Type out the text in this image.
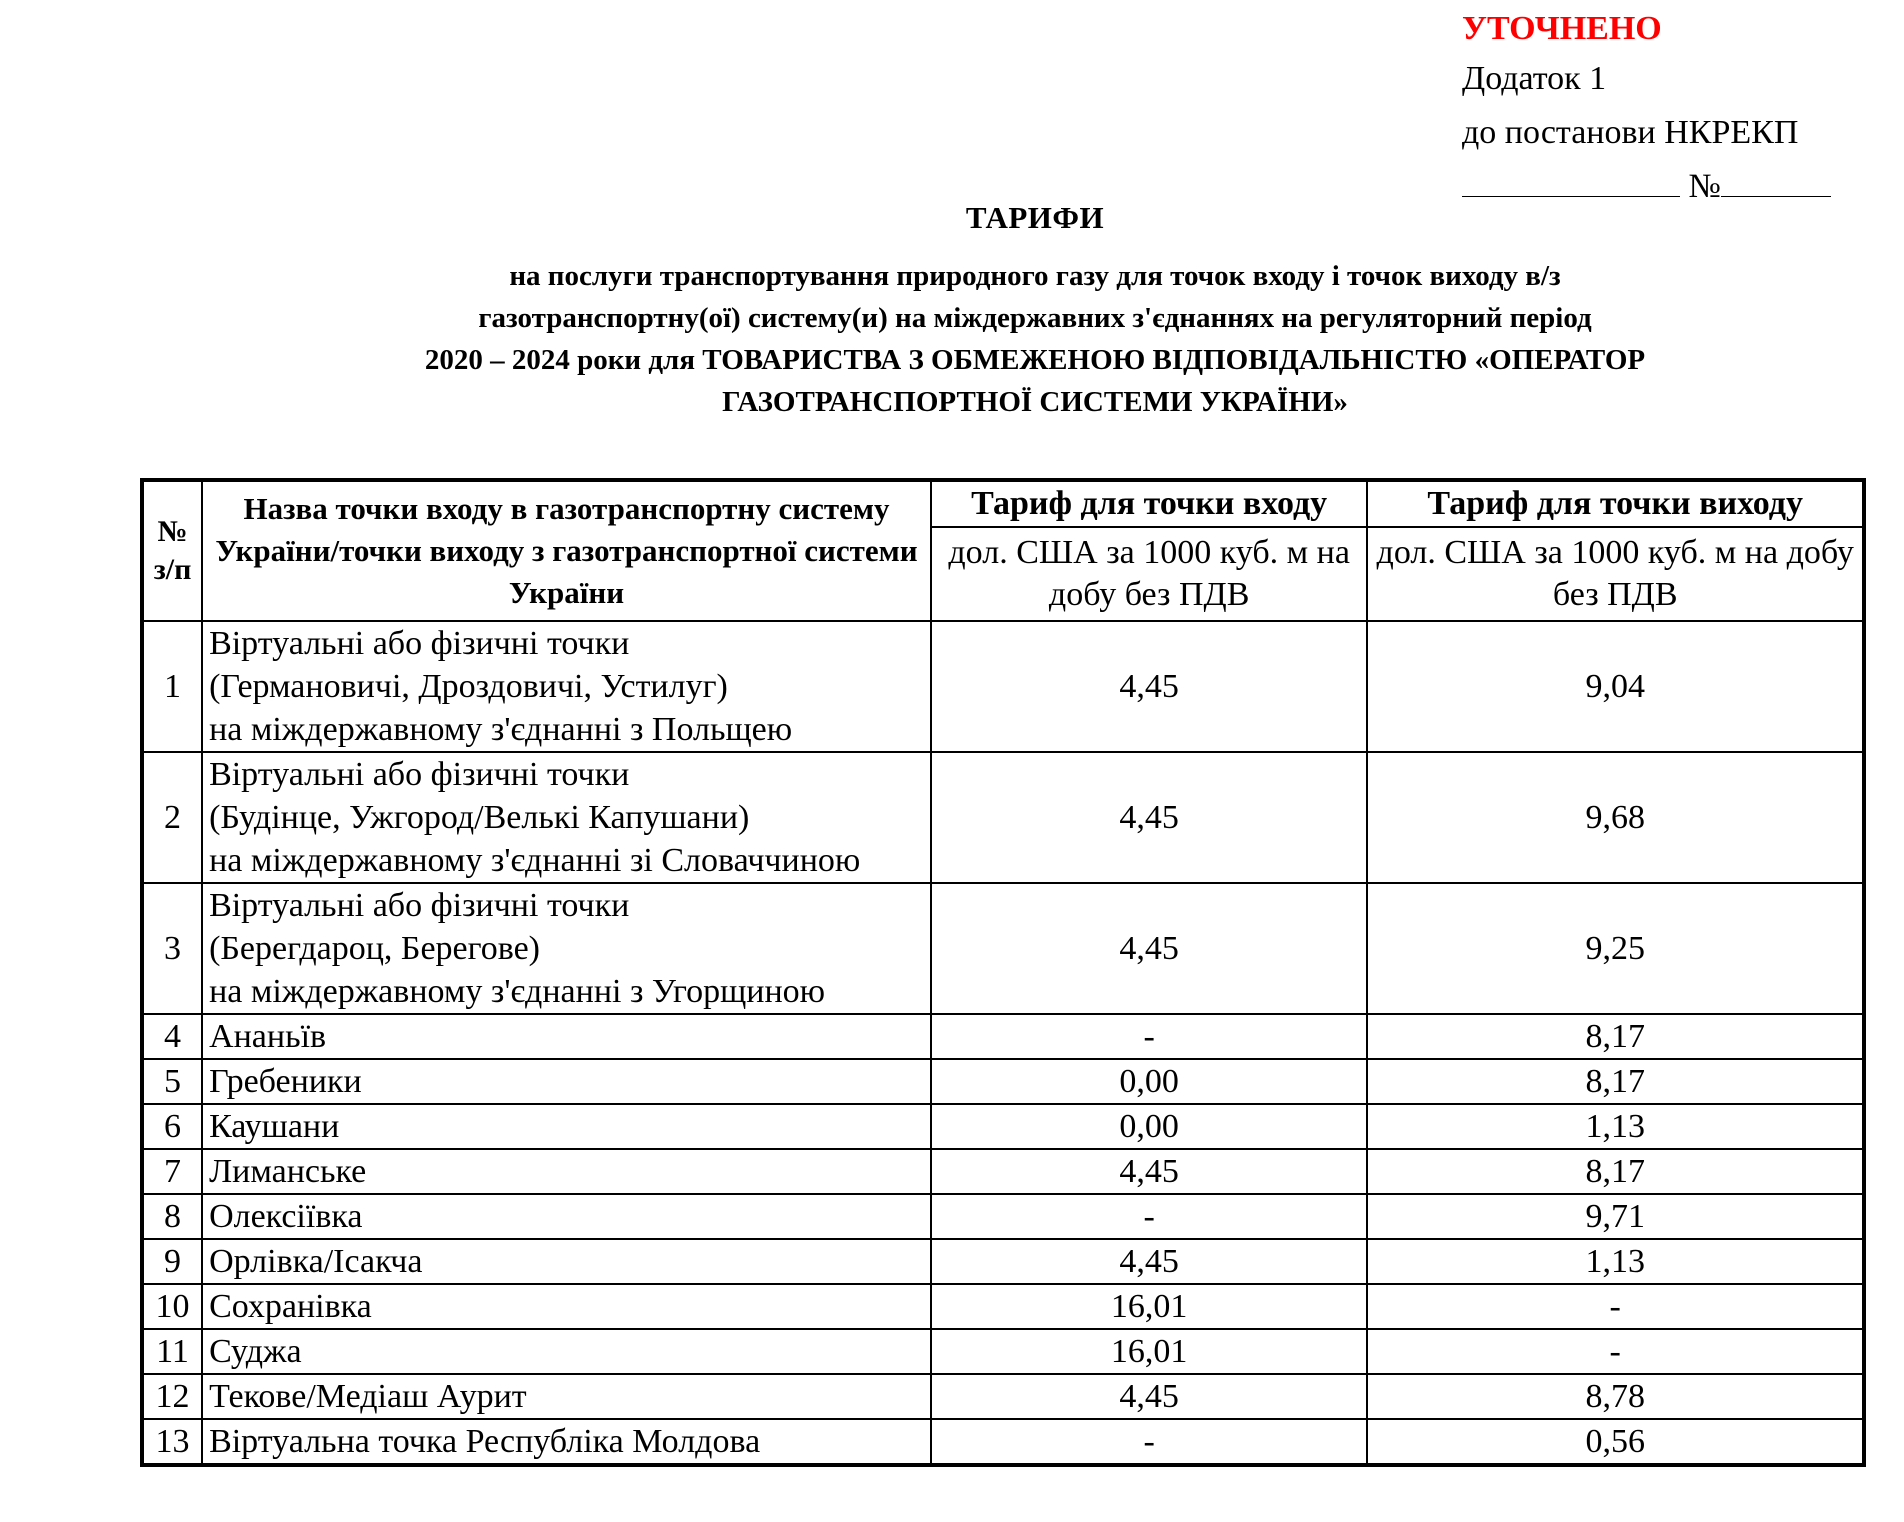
УТОЧНЕНО
Додаток 1
до постанови НКРЕКП
№
ТАРИФИ
на послуги транспортування природного газу для точок входу і точок виходу в/з
газотранспортну(ої) систему(и) на міждержавних з'єднаннях на регуляторний період
2020 – 2024 роки для ТОВАРИСТВА З ОБМЕЖЕНОЮ ВІДПОВІДАЛЬНІСТЮ «ОПЕРАТОР
ГАЗОТРАНСПОРТНОЇ СИСТЕМИ УКРАЇНИ»
№
з/п	Назва точки входу в газотранспортну систему України/точки виходу з газотранспортної системи України	Тариф для точки входу	Тариф для точки виходу
		дол. США за 1000 куб. м на добу без ПДВ	дол. США за 1000 куб. м на добу без ПДВ
1	Віртуальні або фізичні точки
(Германовичі, Дроздовичі, Устилуг)
на міждержавному з'єднанні з Польщею	4,45	9,04
2	Віртуальні або фізичні точки
(Будінце, Ужгород/Велькі Капушани)
на міждержавному з'єднанні зі Словаччиною	4,45	9,68
3	Віртуальні або фізичні точки
(Берегдароц, Берегове)
на міждержавному з'єднанні з Угорщиною	4,45	9,25
4	Ананьїв	-	8,17
5	Гребеники	0,00	8,17
6	Каушани	0,00	1,13
7	Лиманське	4,45	8,17
8	Олексіївка	-	9,71
9	Орлівка/Ісакча	4,45	1,13
10	Сохранівка	16,01	-
11	Суджа	16,01	-
12	Текове/Медіаш Аурит	4,45	8,78
13	Віртуальна точка Республіка Молдова	-	0,56
